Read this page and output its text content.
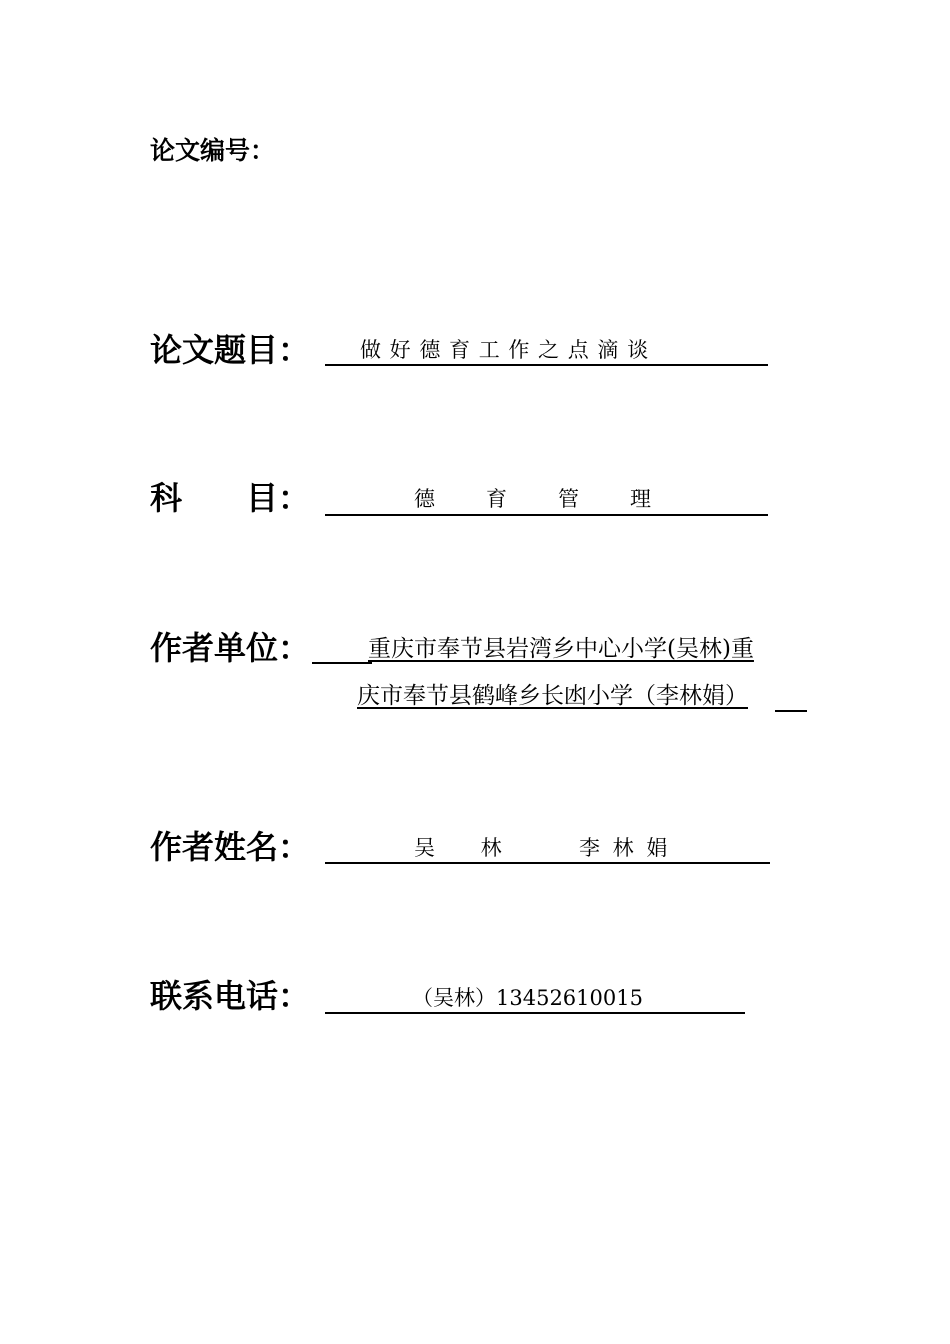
论文编号：
论文题目： 做 好 德 育 工 作 之 点 滴 谈
科　　目：	德　　育　　管　　理
作者单位：	重庆市奉节县岩湾乡中心小学(吴林)重
庆市奉节县鹤峰乡长凼小学（李林娟）
作者姓名：	吴　 林	李 林 娟
联系电话：	（吴林）13452610015
